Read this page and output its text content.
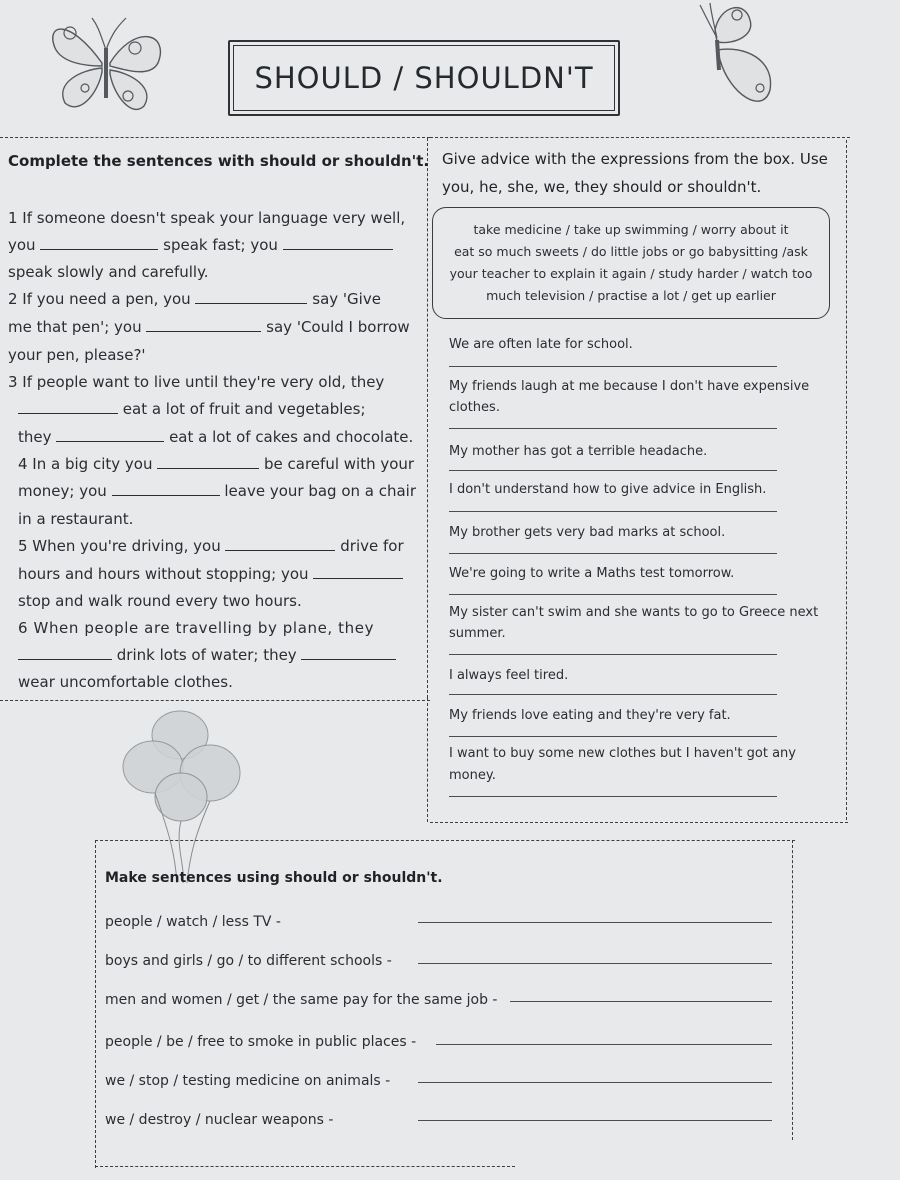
SHOULD / SHOULDN'T
Complete the sentences with should or shouldn't.
1 If someone doesn't speak your language very well,
you	speak fast; you
speak slowly and carefully.
2 If you need a pen, you	say 'Give
me that pen'; you	say 'Could I borrow
your pen, please?'
3 If people want to live until they're very old, they
eat a lot of fruit and vegetables;
they	eat a lot of cakes and chocolate.
4 In a big city you	be careful with your
money; you	leave your bag on a chair
in a restaurant.
5 When you're driving, you	drive for
hours and hours without stopping; you
stop and walk round every two hours.
6 When people are travelling by plane, they
drink lots of water; they
wear uncomfortable clothes.
Give advice with the expressions from the box. Use
you, he, she, we, they should or shouldn't.
take medicine / take up swimming / worry about it
eat so much sweets / do little jobs or go babysitting /ask
your teacher to explain it again / study harder / watch too
much television / practise a lot / get up earlier
We are often late for school.
My friends laugh at me because I don't have expensive
clothes.
My mother has got a terrible headache.
I don't understand how to give advice in English.
My brother gets very bad marks at school.
We're going to write a Maths test tomorrow.
My sister can't swim and she wants to go to Greece next
summer.
I always feel tired.
My friends love eating and they're very fat.
I want to buy some new clothes but I haven't got any
money.
Make sentences using should or shouldn't.
people / watch / less TV -
boys and girls / go / to different schools -
men and women / get / the same pay for the same job -
people / be / free to smoke in public places -
we / stop / testing medicine on animals -
we / destroy / nuclear weapons -
